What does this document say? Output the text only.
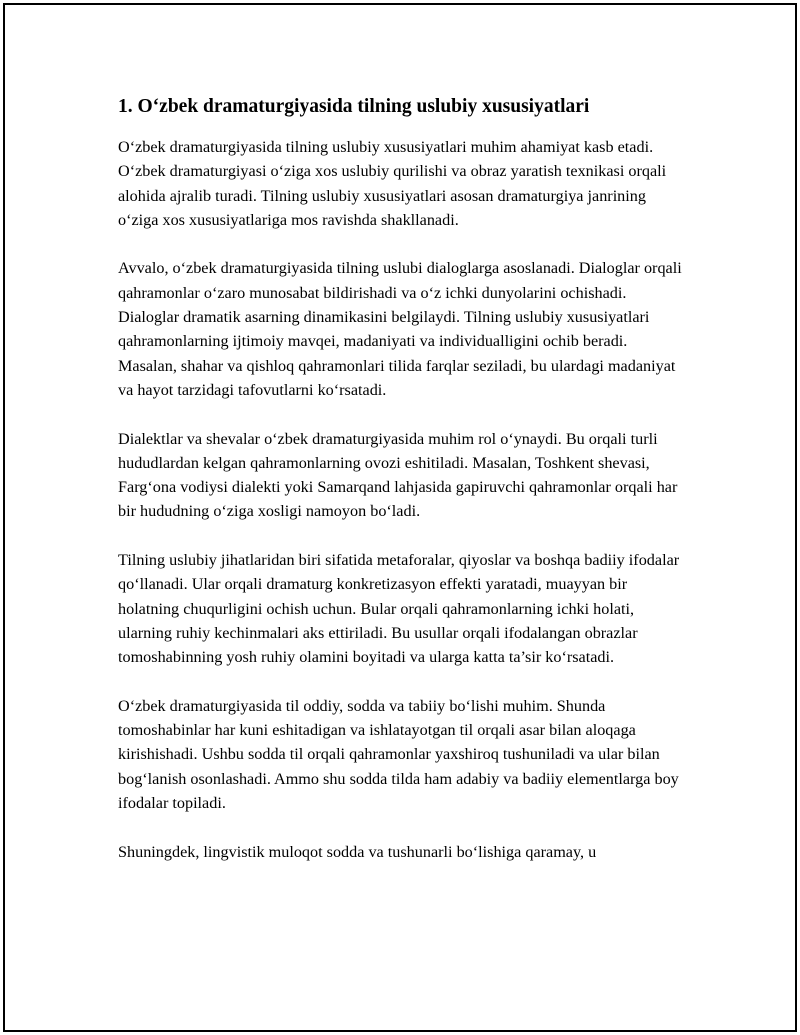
1. O‘zbek dramaturgiyasida tilning uslubiy xususiyatlari

O‘zbek dramaturgiyasida tilning uslubiy xususiyatlari muhim ahamiyat kasb etadi. O‘zbek dramaturgiyasi o‘ziga xos uslubiy qurilishi va obraz yaratish texnikasi orqali alohida ajralib turadi. Tilning uslubiy xususiyatlari asosan dramaturgiya janrining o‘ziga xos xususiyatlariga mos ravishda shakllanadi.

Avvalo, o‘zbek dramaturgiyasida tilning uslubi dialoglarga asoslanadi. Dialoglar orqali qahramonlar o‘zaro munosabat bildirishadi va o‘z ichki dunyolarini ochishadi. Dialoglar dramatik asarning dinamikasini belgilaydi. Tilning uslubiy xususiyatlari qahramonlarning ijtimoiy mavqei, madaniyati va individualligini ochib beradi. Masalan, shahar va qishloq qahramonlari tilida farqlar seziladi, bu ulardagi madaniyat va hayot tarzidagi tafovutlarni ko‘rsatadi.

Dialektlar va shevalar o‘zbek dramaturgiyasida muhim rol o‘ynaydi. Bu orqali turli hududlardan kelgan qahramonlarning ovozi eshitiladi. Masalan, Toshkent shevasi, Farg‘ona vodiysi dialekti yoki Samarqand lahjasida gapiruvchi qahramonlar orqali har bir hududning o‘ziga xosligi namoyon bo‘ladi.

Tilning uslubiy jihatlaridan biri sifatida metaforalar, qiyoslar va boshqa badiiy ifodalar qo‘llanadi. Ular orqali dramaturg konkretizasyon effekti yaratadi, muayyan bir holatning chuqurligini ochish uchun. Bular orqali qahramonlarning ichki holati, ularning ruhiy kechinmalari aks ettiriladi. Bu usullar orqali ifodalangan obrazlar tomoshabinning yosh ruhiy olamini boyitadi va ularga katta ta’sir ko‘rsatadi.

O‘zbek dramaturgiyasida til oddiy, sodda va tabiiy bo‘lishi muhim. Shunda tomoshabinlar har kuni eshitadigan va ishlatayotgan til orqali asar bilan aloqaga kirishishadi. Ushbu sodda til orqali qahramonlar yaxshiroq tushuniladi va ular bilan bog‘lanish osonlashadi. Ammo shu sodda tilda ham adabiy va badiiy elementlarga boy ifodalar topiladi.

Shuningdek, lingvistik muloqot sodda va tushunarli bo‘lishiga qaramay, u
